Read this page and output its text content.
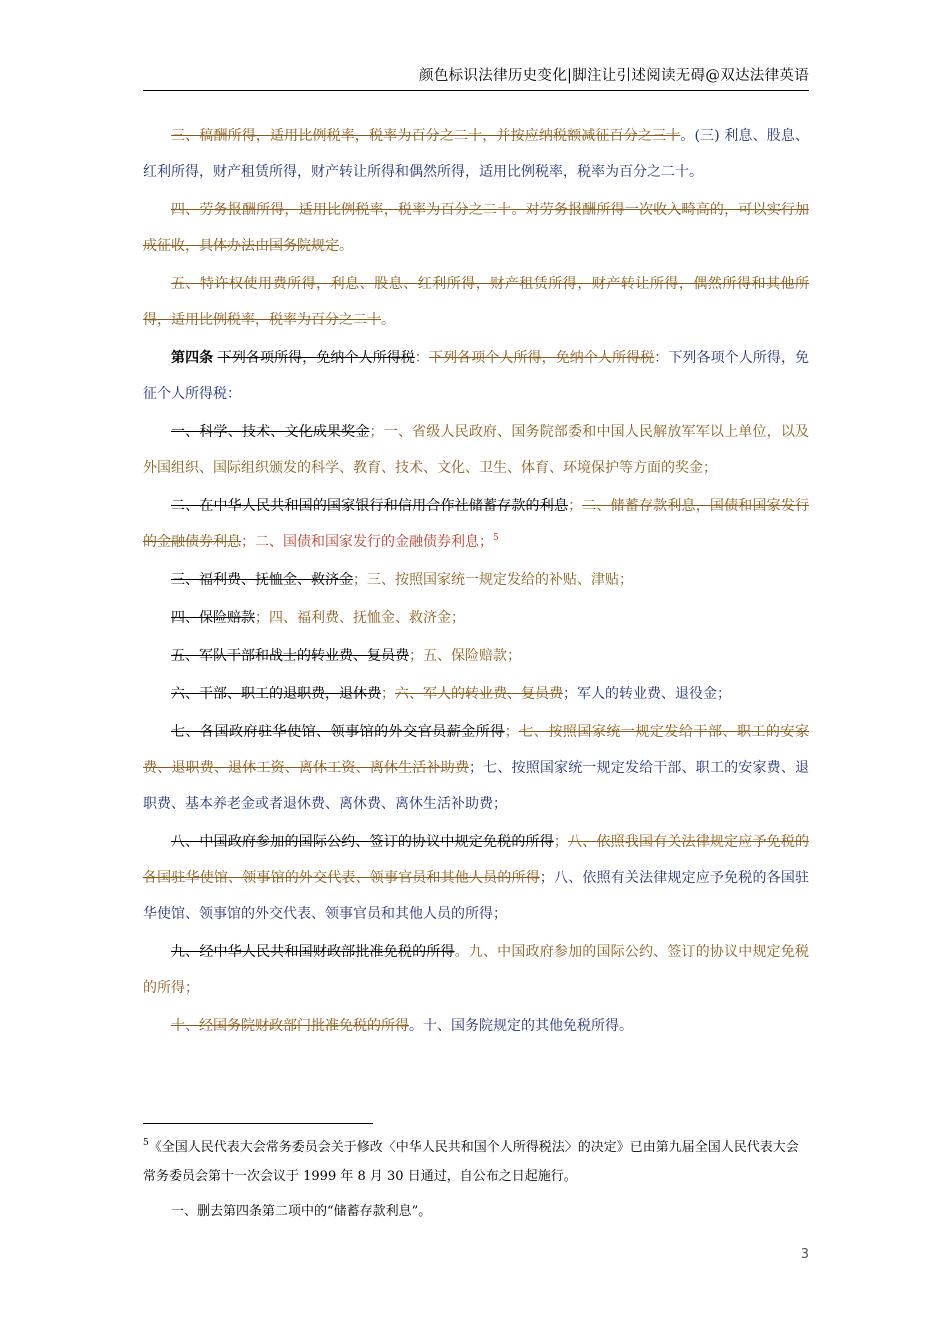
颜色标识法律历史变化|脚注让引述阅读无碍@双达法律英语

三、稿酬所得，适用比例税率，税率为百分之二十，并按应纳税额减征百分之三十。(三) 利息、股息、红利所得，财产租赁所得，财产转让所得和偶然所得，适用比例税率，税率为百分之二十。

四、劳务报酬所得，适用比例税率，税率为百分之二十。对劳务报酬所得一次收入畸高的，可以实行加成征收，具体办法由国务院规定。

五、特许权使用费所得，利息、股息、红利所得，财产租赁所得，财产转让所得，偶然所得和其他所得，适用比例税率，税率为百分之二十。

第四条 下列各项所得，免纳个人所得税：下列各项个人所得，免纳个人所得税：下列各项个人所得，免征个人所得税：

一、科学、技术、文化成果奖金；一、省级人民政府、国务院部委和中国人民解放军军以上单位，以及外国组织、国际组织颁发的科学、教育、技术、文化、卫生、体育、环境保护等方面的奖金；

二、在中华人民共和国的国家银行和信用合作社储蓄存款的利息；二、储蓄存款利息，国债和国家发行的金融债券利息；二、国债和国家发行的金融债券利息；$^5$

三、福利费、抚恤金、救济金；三、按照国家统一规定发给的补贴、津贴；

四、保险赔款；四、福利费、抚恤金、救济金；

五、军队干部和战士的转业费、复员费；五、保险赔款；

六、干部、职工的退职费，退休费；六、军人的转业费、复员费；军人的转业费、退役金；

七、各国政府驻华使馆、领事馆的外交官员薪金所得；七、按照国家统一规定发给干部、职工的安家费、退职费、退休工资、离休工资、离休生活补助费；七、按照国家统一规定发给干部、职工的安家费、退职费、基本养老金或者退休费、离休费、离休生活补助费；

八、中国政府参加的国际公约、签订的协议中规定免税的所得；八、依照我国有关法律规定应予免税的各国驻华使馆、领事馆的外交代表、领事官员和其他人员的所得；八、依照有关法律规定应予免税的各国驻华使馆、领事馆的外交代表、领事官员和其他人员的所得；

九、经中华人民共和国财政部批准免税的所得。九、中国政府参加的国际公约、签订的协议中规定免税的所得；

十、经国务院财政部门批准免税的所得。十、国务院规定的其他免税所得。

$^5$《全国人民代表大会常务委员会关于修改〈中华人民共和国个人所得税法〉的决定》已由第九届全国人民代表大会常务委员会第十一次会议于 1999 年 8 月 30 日通过，自公布之日起施行。

一、删去第四条第二项中的“储蓄存款利息”。

3
